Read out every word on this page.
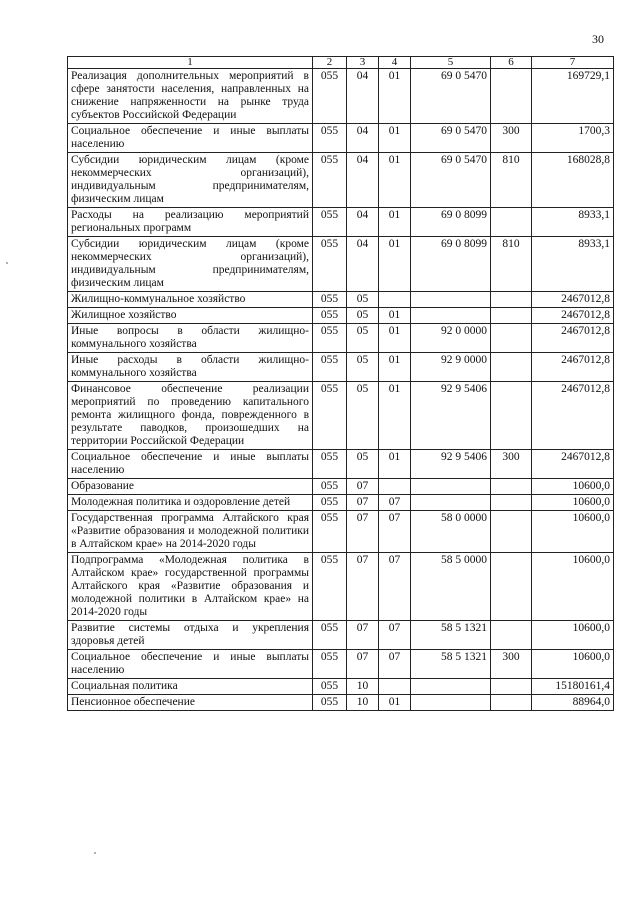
30
1	2	3	4	5	6	7
Реализация дополнительных мероприятий в сфере занятости населения, направленных на снижение напряженности на рынке труда субъектов Российской Федерации	055	04	01	69 0 5470		169729,1
Социальное обеспечение и иные выплаты населению	055	04	01	69 0 5470	300	1700,3
Субсидии юридическим лицам (кроме некоммерческих организаций), индивидуальным предпринимателям, физическим лицам	055	04	01	69 0 5470	810	168028,8
Расходы на реализацию мероприятий региональных программ	055	04	01	69 0 8099		8933,1
Субсидии юридическим лицам (кроме некоммерческих организаций), индивидуальным предпринимателям, физическим лицам	055	04	01	69 0 8099	810	8933,1
Жилищно-коммунальное хозяйство	055	05				2467012,8
Жилищное хозяйство	055	05	01			2467012,8
Иные вопросы в области жилищно-коммунального хозяйства	055	05	01	92 0 0000		2467012,8
Иные расходы в области жилищно-коммунального хозяйства	055	05	01	92 9 0000		2467012,8
Финансовое обеспечение реализации мероприятий по проведению капитального ремонта жилищного фонда, поврежденного в результате паводков, произошедших на территории Российской Федерации	055	05	01	92 9 5406		2467012,8
Социальное обеспечение и иные выплаты населению	055	05	01	92 9 5406	300	2467012,8
Образование	055	07				10600,0
Молодежная политика и оздоровление детей	055	07	07			10600,0
Государственная программа Алтайского края «Развитие образования и молодежной политики в Алтайском крае» на 2014-2020 годы	055	07	07	58 0 0000		10600,0
Подпрограмма «Молодежная политика в Алтайском крае» государственной программы Алтайского края «Развитие образования и молодежной политики в Алтайском крае» на 2014-2020 годы	055	07	07	58 5 0000		10600,0
Развитие системы отдыха и укрепления здоровья детей	055	07	07	58 5 1321		10600,0
Социальное обеспечение и иные выплаты населению	055	07	07	58 5 1321	300	10600,0
Социальная политика	055	10				15180161,4
Пенсионное обеспечение	055	10	01			88964,0
